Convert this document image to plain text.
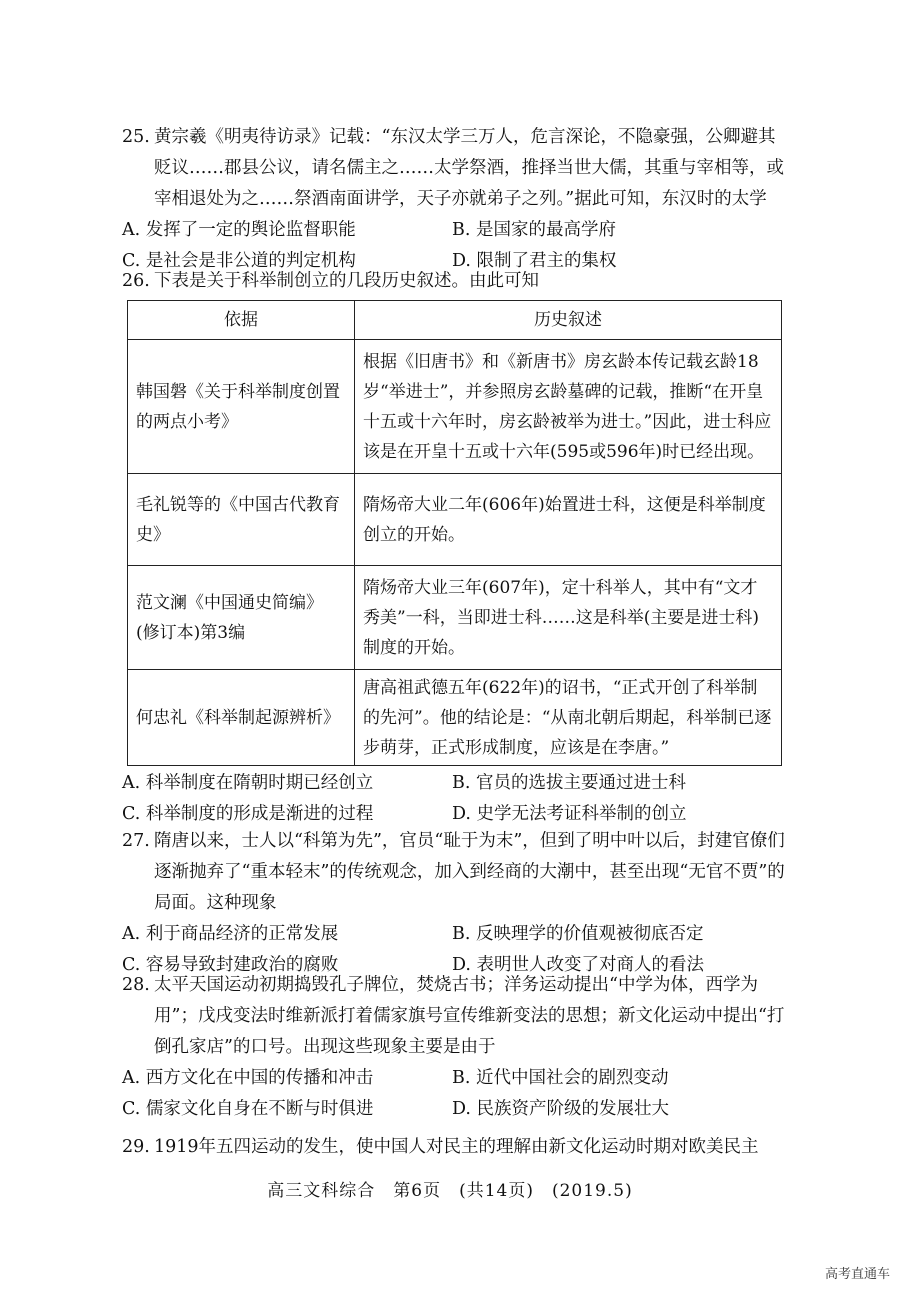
25. 黄宗羲《明夷待访录》记载：“东汉太学三万人，危言深论，不隐豪强，公卿避其贬议……郡县公议，请名儒主之……太学祭酒，推择当世大儒，其重与宰相等，或宰相退处为之……祭酒南面讲学，天子亦就弟子之列。”据此可知，东汉时的太学

A. 发挥了一定的舆论监督职能	B. 是国家的最高学府
C. 是社会是非公道的判定机构	D. 限制了君主的集权

26. 下表是关于科举制创立的几段历史叙述。由此可知

依据	历史叙述
韩国磐《关于科举制度创置的两点小考》	根据《旧唐书》和《新唐书》房玄龄本传记载玄龄18岁“举进士”，并参照房玄龄墓碑的记载，推断“在开皇十五或十六年时，房玄龄被举为进士。”因此，进士科应该是在开皇十五或十六年(595或596年)时已经出现。
毛礼锐等的《中国古代教育史》	隋炀帝大业二年(606年)始置进士科，这便是科举制度创立的开始。
范文澜《中国通史简编》(修订本)第3编	隋炀帝大业三年(607年)，定十科举人，其中有“文才秀美”一科，当即进士科……这是科举(主要是进士科)制度的开始。
何忠礼《科举制起源辨析》	唐高祖武德五年(622年)的诏书，“正式开创了科举制的先河”。他的结论是：“从南北朝后期起，科举制已逐步萌芽，正式形成制度，应该是在李唐。”
A. 科举制度在隋朝时期已经创立	B. 官员的选拔主要通过进士科
C. 科举制度的形成是渐进的过程	D. 史学无法考证科举制的创立

27. 隋唐以来，士人以“科第为先”，官员“耻于为末”，但到了明中叶以后，封建官僚们逐渐抛弃了“重本轻末”的传统观念，加入到经商的大潮中，甚至出现“无官不贾”的局面。这种现象

A. 利于商品经济的正常发展	B. 反映理学的价值观被彻底否定
C. 容易导致封建政治的腐败	D. 表明世人改变了对商人的看法

28. 太平天国运动初期捣毁孔子牌位，焚烧古书；洋务运动提出“中学为体，西学为用”；戊戌变法时维新派打着儒家旗号宣传维新变法的思想；新文化运动中提出“打倒孔家店”的口号。出现这些现象主要是由于

A. 西方文化在中国的传播和冲击	B. 近代中国社会的剧烈变动
C. 儒家文化自身在不断与时俱进	D. 民族资产阶级的发展壮大

29. 1919年五四运动的发生，使中国人对民主的理解由新文化运动时期对欧美民主

高三文科综合　第6页　(共14页)　(2019.5)
高考直通车
